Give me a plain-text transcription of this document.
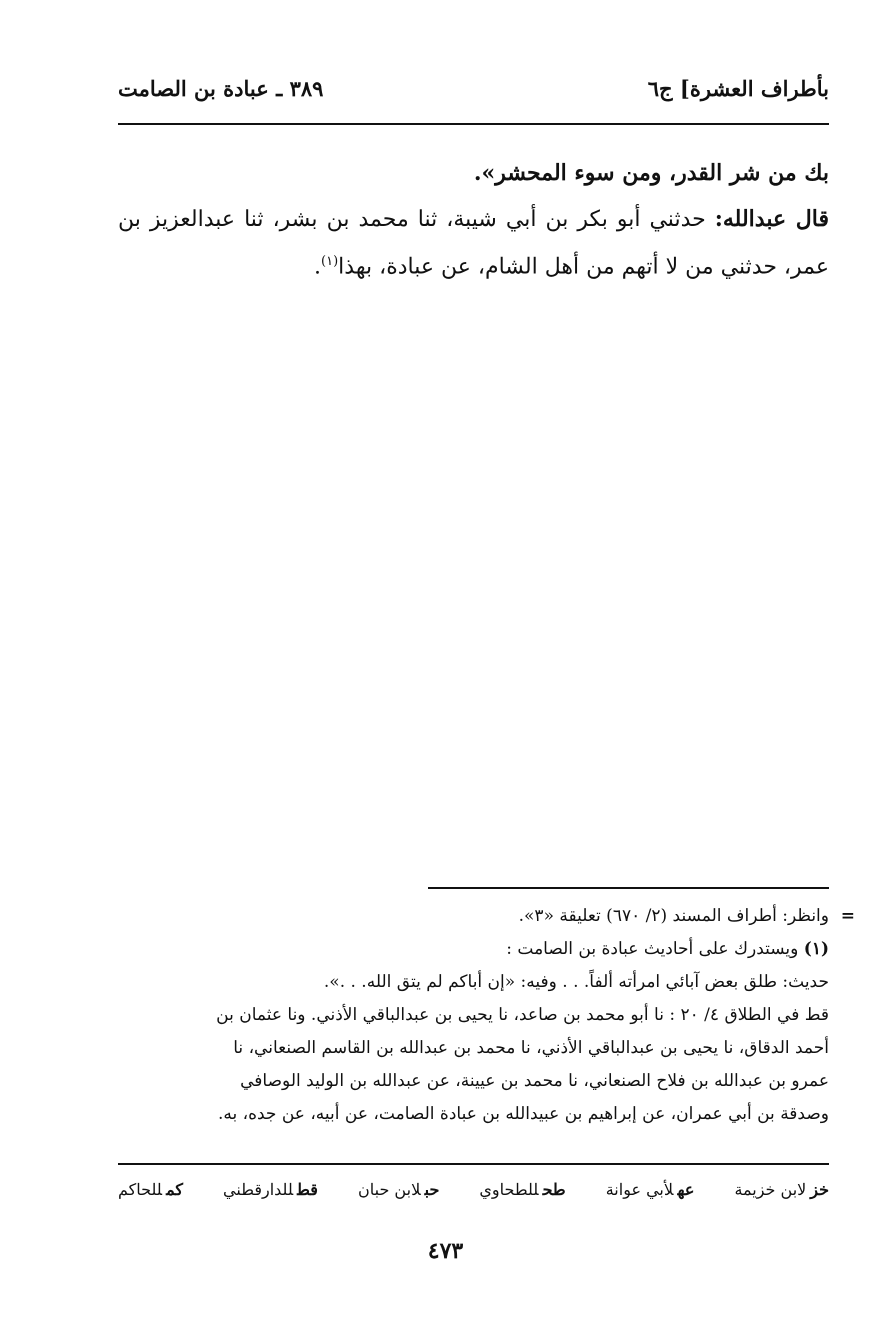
بأطراف العشرة] ج٦
٣٨٩ ـ عبادة بن الصامت

بك من شر القدر، ومن سوء المحشر».

قال عبدالله: حدثني أبو بكر بن أبي شيبة، ثنا محمد بن بشر، ثنا عبدالعزيز بن عمر، حدثني من لا أتهم من أهل الشام، عن عبادة، بهذا$^{(١)}$.

=وانظر: أطراف المسند (٢/ ٦٧٠) تعليقة «٣».

(١) ويستدرك على أحاديث عبادة بن الصامت :

حديث: طلق بعض آبائي امرأته ألفاً. . . وفيه: «إن أباكم لم يتق الله. . .».

قط في الطلاق ٤/ ٢٠ : نا أبو محمد بن صاعد، نا يحيى بن عبدالباقي الأذني. ونا عثمان بن

أحمد الدقاق، نا يحيى بن عبدالباقي الأذني، نا محمد بن عبدالله بن القاسم الصنعاني، نا

عمرو بن عبدالله بن فلاح الصنعاني، نا محمد بن عيينة، عن عبدالله بن الوليد الوصافي

وصدقة بن أبي عمران، عن إبراهيم بن عبيدالله بن عبادة الصامت، عن أبيه، عن جده، به.

خزلابن خزيمة
عهلأبي عوانة
طحللطحاوي
حبلابن حبان
قطللدارقطني
كمللحاكم
٤٧٣
